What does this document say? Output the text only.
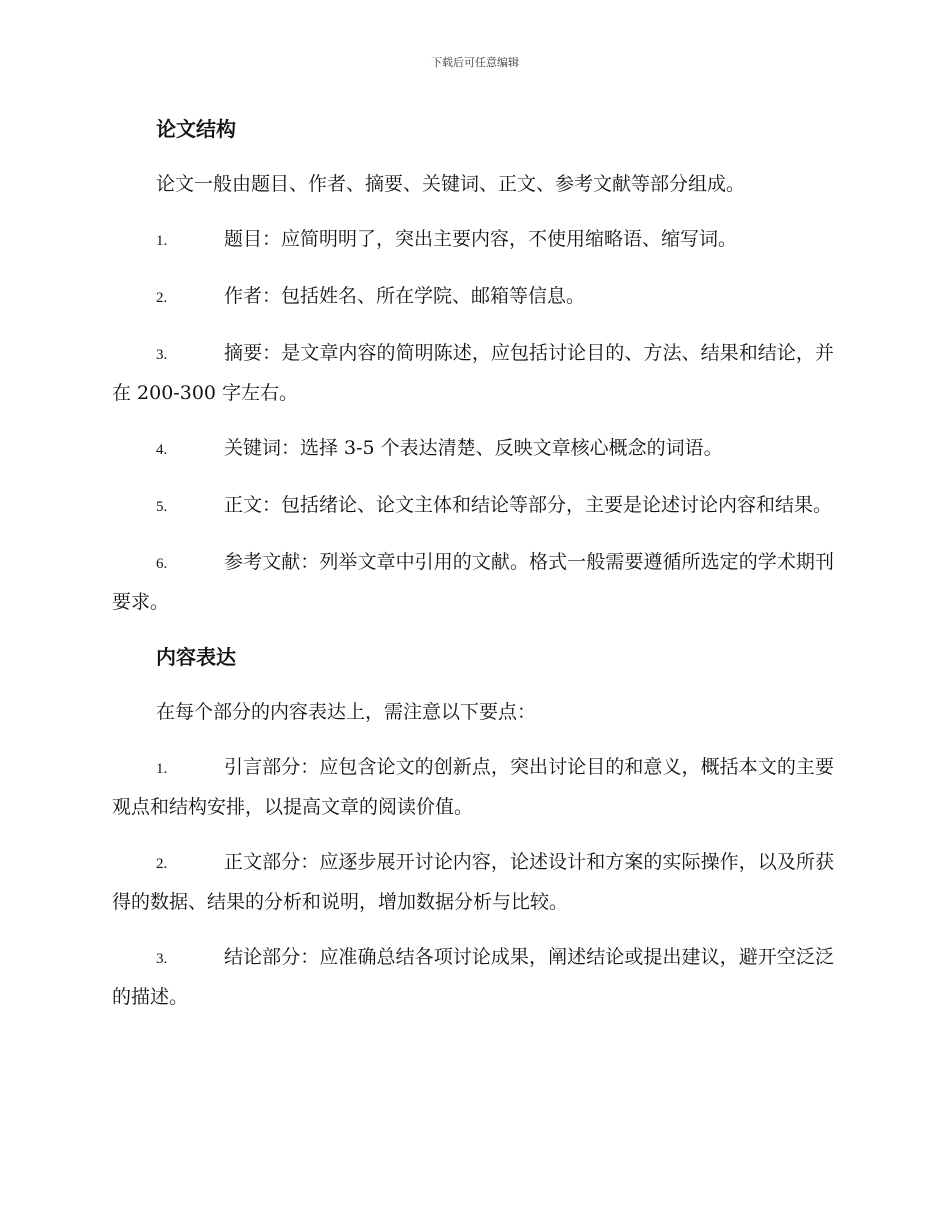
下载后可任意编辑
论文结构

论文一般由题目、作者、摘要、关键词、正文、参考文献等部分组成。

1.	题目：应简明明了，突出主要内容，不使用缩略语、缩写词。

2.	作者：包括姓名、所在学院、邮箱等信息。

3.	摘要：是文章内容的简明陈述，应包括讨论目的、方法、结果和结论，并在 200-300 字左右。

4.	关键词：选择 3-5 个表达清楚、反映文章核心概念的词语。

5.	正文：包括绪论、论文主体和结论等部分，主要是论述讨论内容和结果。

6.	参考文献：列举文章中引用的文献。格式一般需要遵循所选定的学术期刊要求。

内容表达

在每个部分的内容表达上，需注意以下要点：

1.	引言部分：应包含论文的创新点，突出讨论目的和意义，概括本文的主要观点和结构安排，以提高文章的阅读价值。

2.	正文部分：应逐步展开讨论内容，论述设计和方案的实际操作，以及所获得的数据、结果的分析和说明，增加数据分析与比较。

3.	结论部分：应准确总结各项讨论成果，阐述结论或提出建议，避开空泛泛的描述。
